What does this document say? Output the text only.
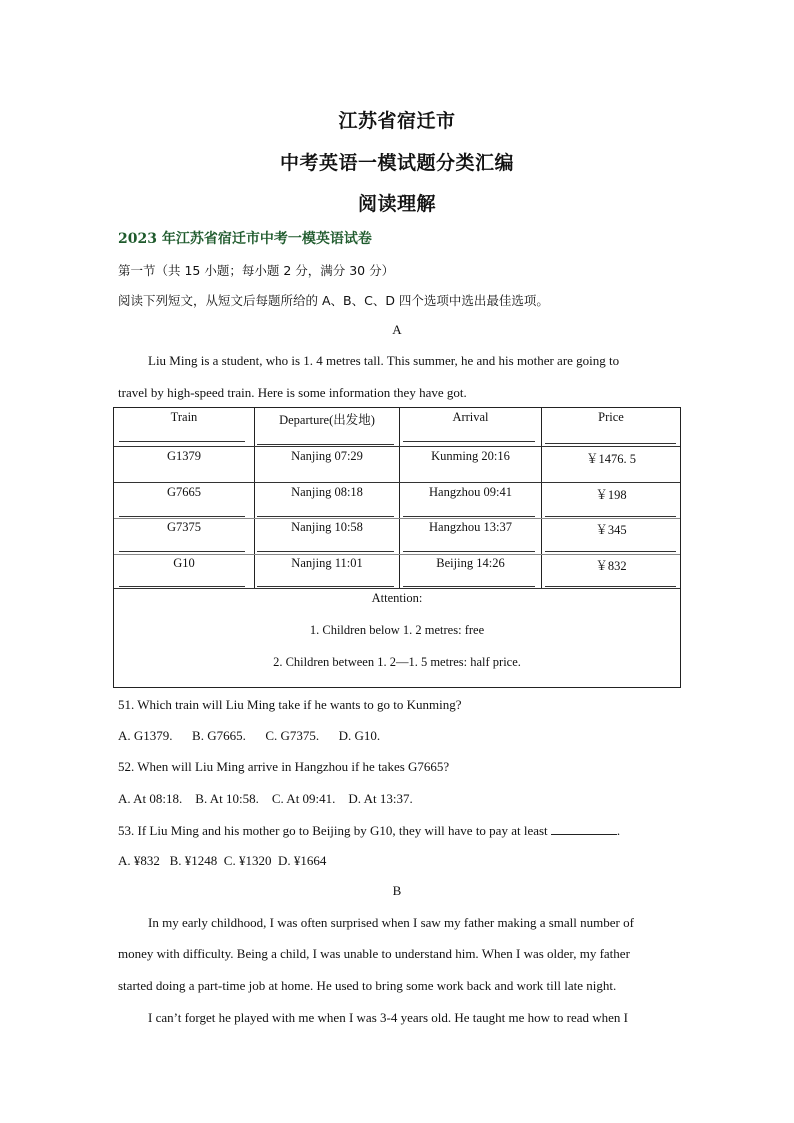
江苏省宿迁市
中考英语一模试题分类汇编
阅读理解
2023 年江苏省宿迁市中考一模英语试卷
第一节（共 15 小题；每小题 2 分，满分 30 分）
阅读下列短文，从短文后每题所给的 A、B、C、D 四个选项中选出最佳选项。
A
Liu Ming is a student, who is 1. 4 metres tall. This summer, he and his mother are going to
travel by high-speed train. Here is some information they have got.
Train	Departure(出发地)	Arrival	Price
G1379	Nanjing 07:29	Kunming 20:16	￥1476. 5
G7665	Nanjing 08:18	Hangzhou 09:41	￥198
G7375	Nanjing 10:58	Hangzhou 13:37	￥345
G10	Nanjing 11:01	Beijing 14:26	￥832
Attention:
1. Children below 1. 2 metres: free
2. Children between 1. 2—1. 5 metres: half price.
51. Which train will Liu Ming take if he wants to go to Kunming?
A. G1379.      B. G7665.      C. G7375.      D. G10.
52. When will Liu Ming arrive in Hangzhou if he takes G7665?
A. At 08:18.    B. At 10:58.    C. At 09:41.    D. At 13:37.
53. If Liu Ming and his mother go to Beijing by G10, they will have to pay at least	.
A. ¥832   B. ¥1248  C. ¥1320  D. ¥1664
B
In my early childhood, I was often surprised when I saw my father making a small number of
money with difficulty. Being a child, I was unable to understand him. When I was older, my father
started doing a part-time job at home. He used to bring some work back and work till late night.
I can’t forget he played with me when I was 3-4 years old. He taught me how to read when I
